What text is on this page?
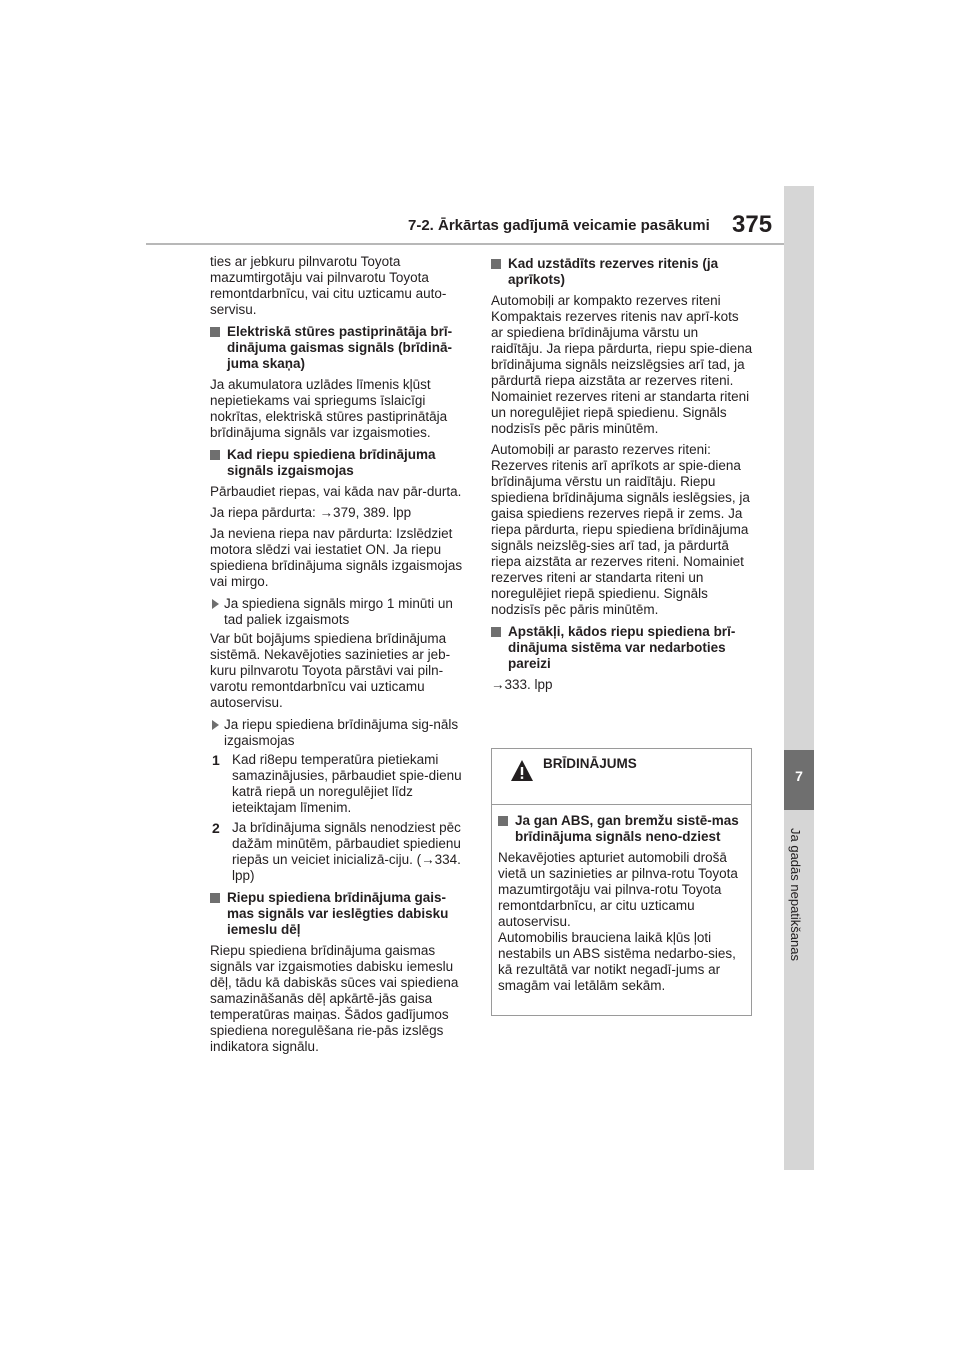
7-2. Ārkārtas gadījumā veicamie pasākumi 375
7
Ja gadās nepatikšanas

ties ar jebkuru pilnvarotu Toyota mazumtirgotāju vai pilnvarotu Toyota remontdarbnīcu, vai citu uzticamu auto-servisu.

Elektriskā stūres pastiprinātāja brī-dinājuma gaismas signāls (brīdinā-juma skaņa)

Ja akumulatora uzlādes līmenis kļūst nepietiekams vai spriegums īslaicīgi nokrītas, elektriskā stūres pastiprinātāja brīdinājuma signāls var izgaismoties.

Kad riepu spiediena brīdinājuma signāls izgaismojas

Pārbaudiet riepas, vai kāda nav pār-durta.

Ja riepa pārdurta: →379, 389. lpp

Ja neviena riepa nav pārdurta: Izslēdziet motora slēdzi vai iestatiet ON. Ja riepu spiediena brīdinājuma signāls izgaismojas vai mirgo.

Ja spiediena signāls mirgo 1 minūti un tad paliek izgaismots

Var būt bojājums spiediena brīdinājuma sistēmā. Nekavējoties sazinieties ar jeb-kuru pilnvarotu Toyota pārstāvi vai piln-varotu remontdarbnīcu vai uzticamu autoservisu.

Ja riepu spiediena brīdinājuma sig-nāls izgaismojas
1 Kad ri8epu temperatūra pietiekami samazinājusies, pārbaudiet spie-dienu katrā riepā un noregulējiet līdz ieteiktajam līmenim.
2 Ja brīdinājuma signāls nenodziest pēc dažām minūtēm, pārbaudiet spiedienu riepās un veiciet inicializā-ciju. (→334. lpp)
Riepu spiediena brīdinājuma gais-mas signāls var ieslēgties dabisku iemeslu dēļ

Riepu spiediena brīdinājuma gaismas signāls var izgaismoties dabisku iemeslu dēļ, tādu kā dabiskās sūces vai spiediena samazināšanās dēļ apkārtē-jās gaisa temperatūras maiņas. Šādos gadījumos spiediena noregulēšana rie-pās izslēgs indikatora signālu.

Kad uzstādīts rezerves ritenis (ja aprīkots)

Automobiļi ar kompakto rezerves riteni Kompaktais rezerves ritenis nav aprī-kots ar spiediena brīdinājuma vārstu un raidītāju. Ja riepa pārdurta, riepu spie-diena brīdinājuma signāls neizslēgsies arī tad, ja pārdurtā riepa aizstāta ar rezerves riteni. Nomainiet rezerves riteni ar standarta riteni un noregulējiet riepā spiedienu. Signāls nodzisīs pēc pāris minūtēm.

Automobiļi ar parasto rezerves riteni: Rezerves ritenis arī aprīkots ar spie-diena brīdinājuma vērstu un raidītāju. Riepu spiediena brīdinājuma signāls ieslēgsies, ja gaisa spiediens rezerves riepā ir zems. Ja riepa pārdurta, riepu spiediena brīdinājuma signāls neizslēg-sies arī tad, ja pārdurtā riepa aizstāta ar rezerves riteni. Nomainiet rezerves riteni ar standarta riteni un noregulējiet riepā spiedienu. Signāls nodzisīs pēc pāris minūtēm.

Apstākļi, kādos riepu spiediena brī-dinājuma sistēma var nedarboties pareizi

→333. lpp

BRĪDINĀJUMS
Ja gan ABS, gan bremžu sistē-mas brīdinājuma signāls neno-dziest

Nekavējoties apturiet automobili drošā vietā un sazinieties ar pilnva-rotu Toyota mazumtirgotāju vai pilnva-rotu Toyota remontdarbnīcu, ar citu uzticamu autoservisu.

Automobilis brauciena laikā kļūs ļoti nestabils un ABS sistēma nedarbo-sies, kā rezultātā var notikt negadī-jums ar smagām vai letālām sekām.
